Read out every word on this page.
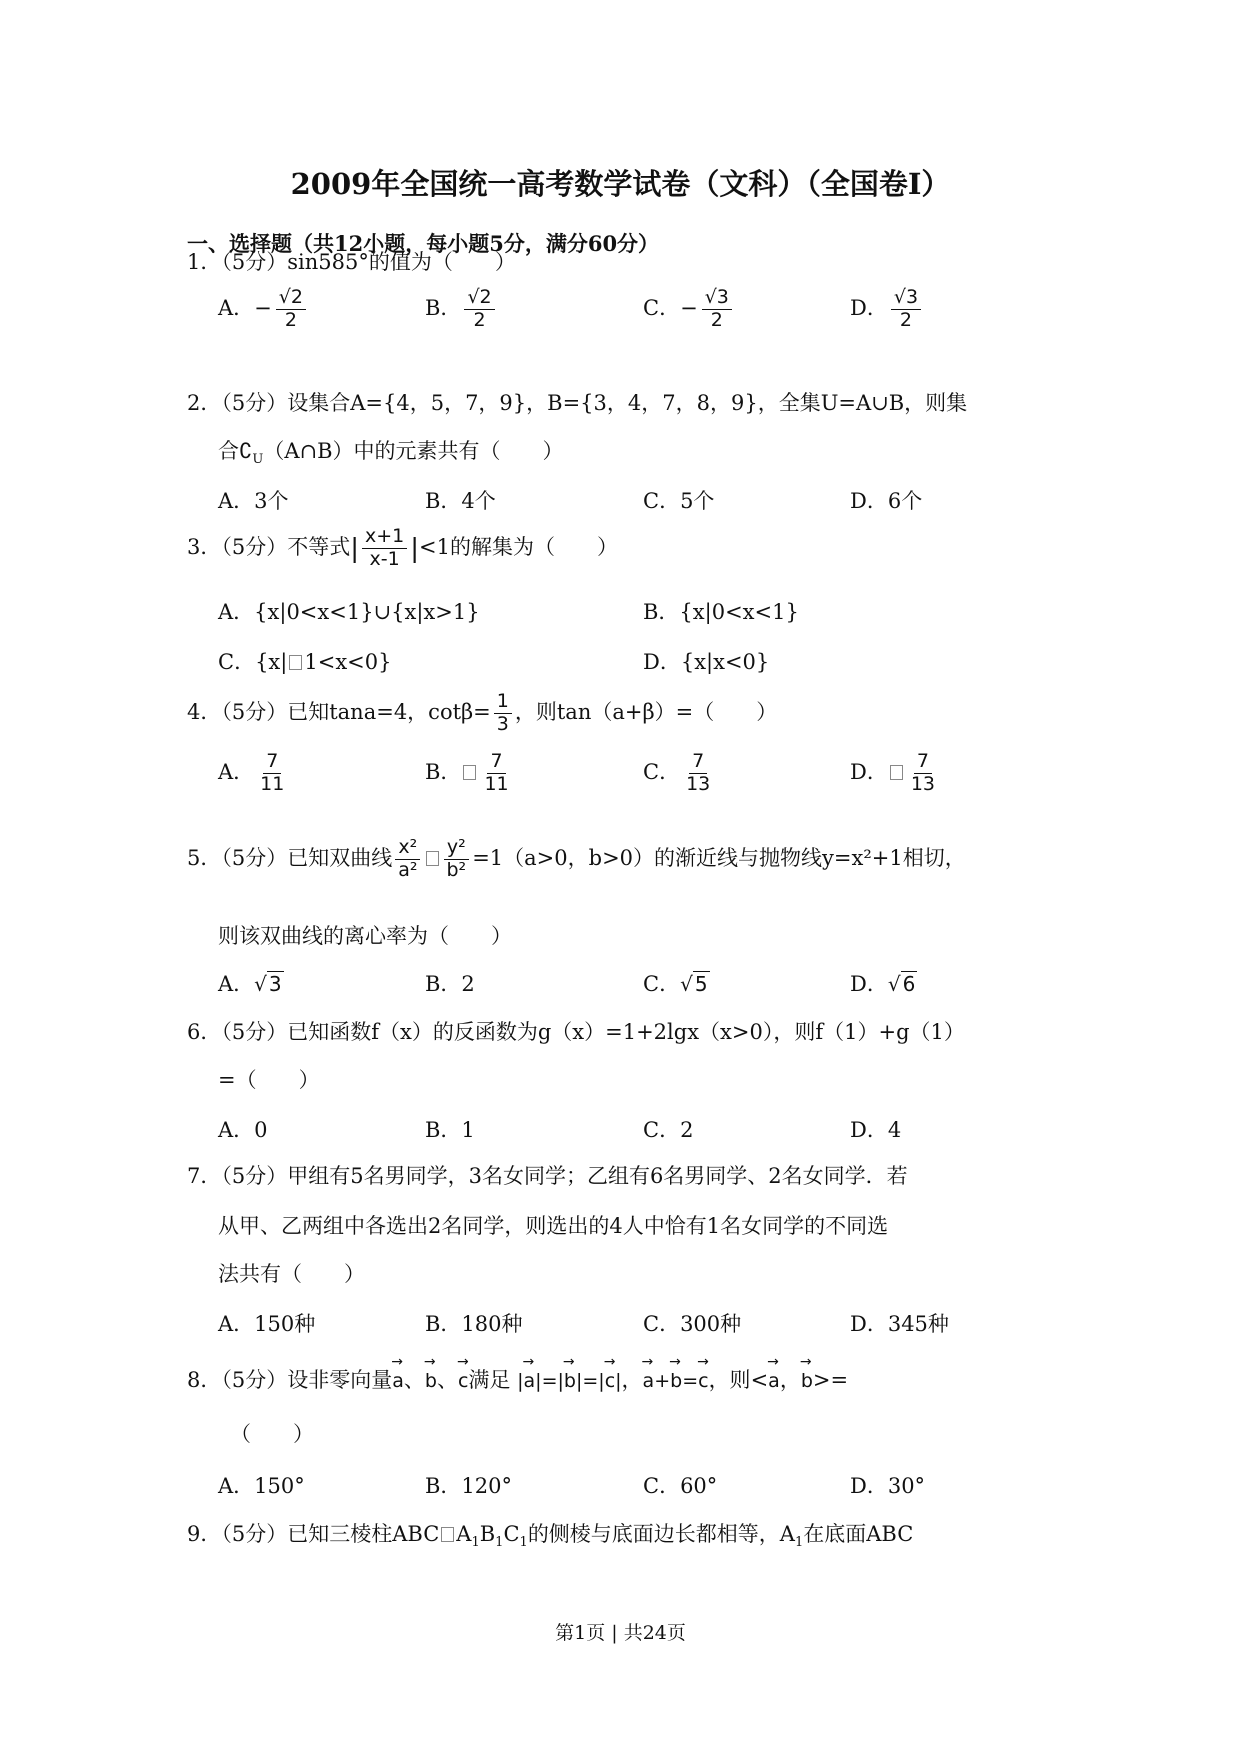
2009年全国统一高考数学试卷（文科）（全国卷I）
一、选择题（共12小题，每小题5分，满分60分）
1．（5分）sin585°的值为（　　）
A．− $\frac{√2}{2}$	B． $\frac{√2}{2}$	C．− $\frac{√3}{2}$	D． $\frac{√3}{2}$
2．（5分）设集合A={4，5，7，9}，B={3，4，7，8，9}，全集U=A∪B，则集
合$∁_U(A\cap B)$中的元素共有（　　）
A．3个	B．4个	C．5个	D．6个
3．（5分）不等式| $\frac{x+1}{x-1} |<1$的解集为（　　）
A．{x|0<x<1}∪{x|x>1}	B．{x|0<x<1}
C．{x| 1<x<0}	D．{x|x<0}
4．（5分）已知tana=4，$\cot\beta= \frac{1}{3}$ ，则tan（a+β）=（　　）
A． $\frac{7}{11}$	B． $\frac{7}{11}$	C． $\frac{7}{13}$	D． $\frac{7}{13}$
5．（5分）已知双曲线 $\frac{\text{x²}}{\text{a²}} \frac{\text{y²}}{\text{b²}} =1(a>0$，b>0）的渐近线与抛物线y=x²+1相切，
则该双曲线的离心率为（　　）
A．√ 3	B．2	C．√ 5	D．√ 6
6．（5分）已知函数f（x）的反函数为g（x）=1+2lgx（x>0），则f（1）+g（1）
=（　　）
A．0	B．1	C．2	D．4
7．（5分）甲组有5名男同学，3名女同学；乙组有6名男同学、2名女同学．若
从甲、乙两组中各选出2名同学，则选出的4人中恰有1名女同学的不同选
法共有（　　）
A．150种	B．180种	C．300种	D．345种
8．（5分）设非零向量→ a、→ b、→ c满足 |→ a|=|→ b|=|→ c|，→ a+→ b=→ c，则<→ a，→ b>=
（　　）
A．150°	B．120°	C．60°	D．30°
9．（5分）已知三棱柱ABC $A_1B_1C_1$的侧棱与底面边长都相等，$A_1$在底面ABC
第1页 | 共24页
